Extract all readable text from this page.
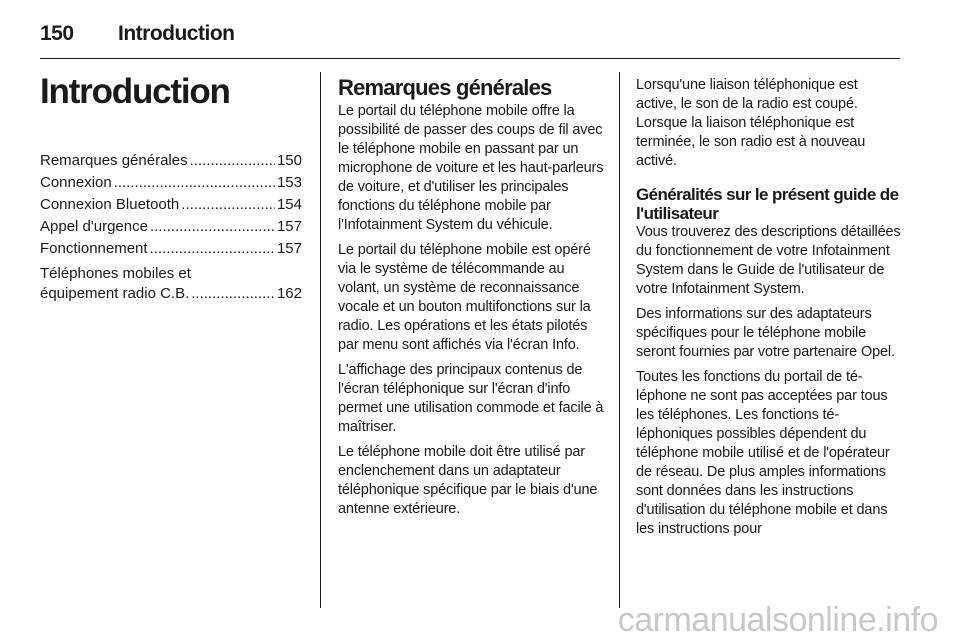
150 Introduction
Introduction
Remarques générales .....	150
Connexion .....	153
Connexion Bluetooth .....	154
Appel d'urgence .....	157
Fonctionnement .....	157
Téléphones mobiles et
équipement radio C.B. .....	162
Remarques générales

Le portail du téléphone mobile offre la possibilité de passer des coups de fil avec le téléphone mobile en passant par un microphone de voiture et les haut-parleurs de voiture, et d'utiliser les principales fonctions du téléphone mobile par l'Infotainment System du véhicule.

Le portail du téléphone mobile est opéré via le système de télécommande au volant, un système de reconnaissance vocale et un bouton multifonctions sur la radio. Les opérations et les états pilotés par menu sont affichés via l'écran Info.

L'affichage des principaux contenus de l'écran téléphonique sur l'écran d'info permet une utilisation commode et facile à maîtriser.

Le téléphone mobile doit être utilisé par enclenchement dans un adaptateur téléphonique spécifique par le biais d'une antenne extérieure.

Lorsqu'une liaison téléphonique est active, le son de la radio est coupé. Lorsque la liaison téléphonique est terminée, le son radio est à nouveau activé.

Généralités sur le présent guide de l'utilisateur

Vous trouverez des descriptions détaillées du fonctionnement de votre Infotainment System dans le Guide de l'utilisateur de votre Infotainment System.

Des informations sur des adaptateurs spécifiques pour le téléphone mobile seront fournies par votre partenaire Opel.

Toutes les fonctions du portail de téléphone ne sont pas acceptées par tous les téléphones. Les fonctions téléphoniques possibles dépendent du téléphone mobile utilisé et de l'opérateur de réseau. De plus amples informations sont données dans les instructions d'utilisation du téléphone mobile et dans les instructions pour

carmanualsonline.info
